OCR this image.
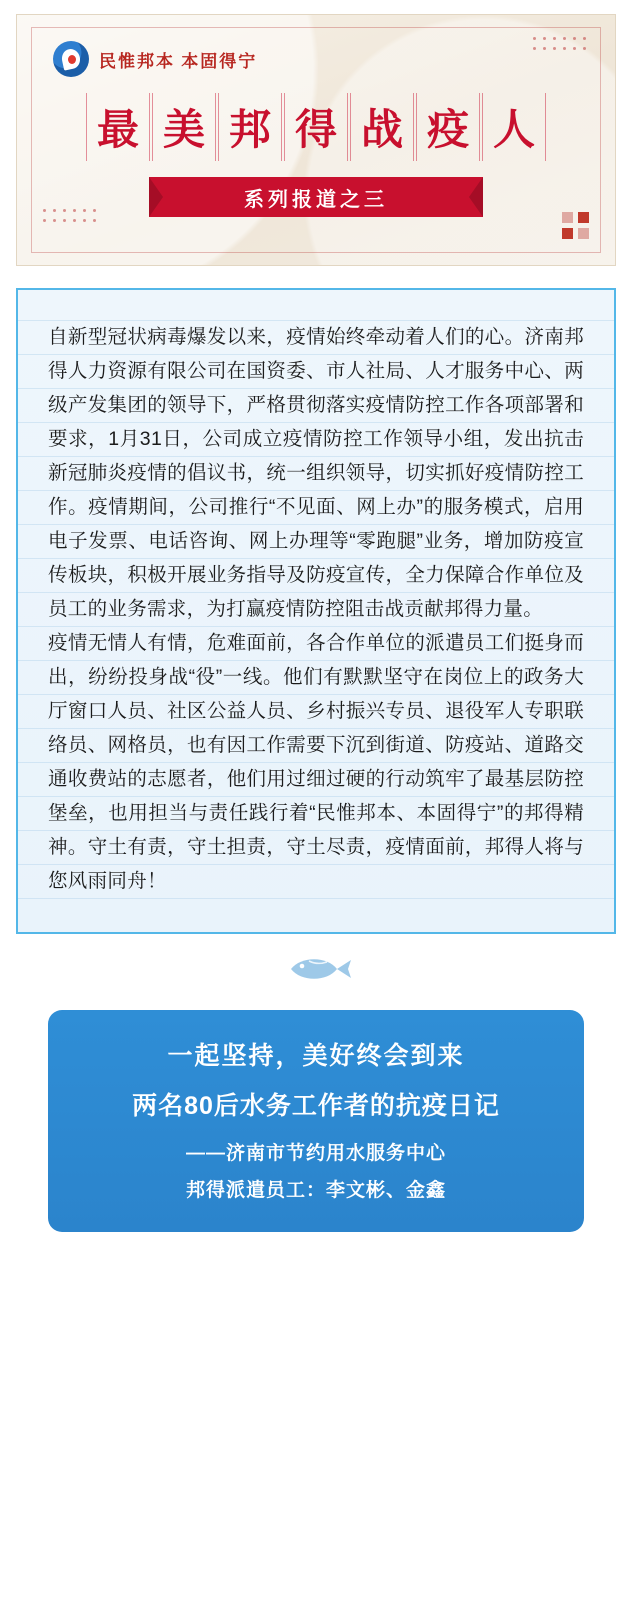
民惟邦本 本固得宁
最 美 邦 得 战 疫 人
系列报道之三

自新型冠状病毒爆发以来，疫情始终牵动着人们的心。济南邦得人力资源有限公司在国资委、市人社局、人才服务中心、两级产发集团的领导下，严格贯彻落实疫情防控工作各项部署和要求，1月31日，公司成立疫情防控工作领导小组，发出抗击新冠肺炎疫情的倡议书，统一组织领导，切实抓好疫情防控工作。疫情期间，公司推行“不见面、网上办”的服务模式，启用电子发票、电话咨询、网上办理等“零跑腿”业务，增加防疫宣传板块，积极开展业务指导及防疫宣传，全力保障合作单位及员工的业务需求，为打赢疫情防控阻击战贡献邦得力量。

疫情无情人有情，危难面前，各合作单位的派遣员工们挺身而出，纷纷投身战“役”一线。他们有默默坚守在岗位上的政务大厅窗口人员、社区公益人员、乡村振兴专员、退役军人专职联络员、网格员，也有因工作需要下沉到街道、防疫站、道路交通收费站的志愿者，他们用过细过硬的行动筑牢了最基层防控堡垒，也用担当与责任践行着“民惟邦本、本固得宁”的邦得精神。守土有责，守土担责，守土尽责，疫情面前，邦得人将与您风雨同舟！

一起坚持，美好终会到来
两名80后水务工作者的抗疫日记
——济南市节约用水服务中心
邦得派遣员工：李文彬、金鑫
